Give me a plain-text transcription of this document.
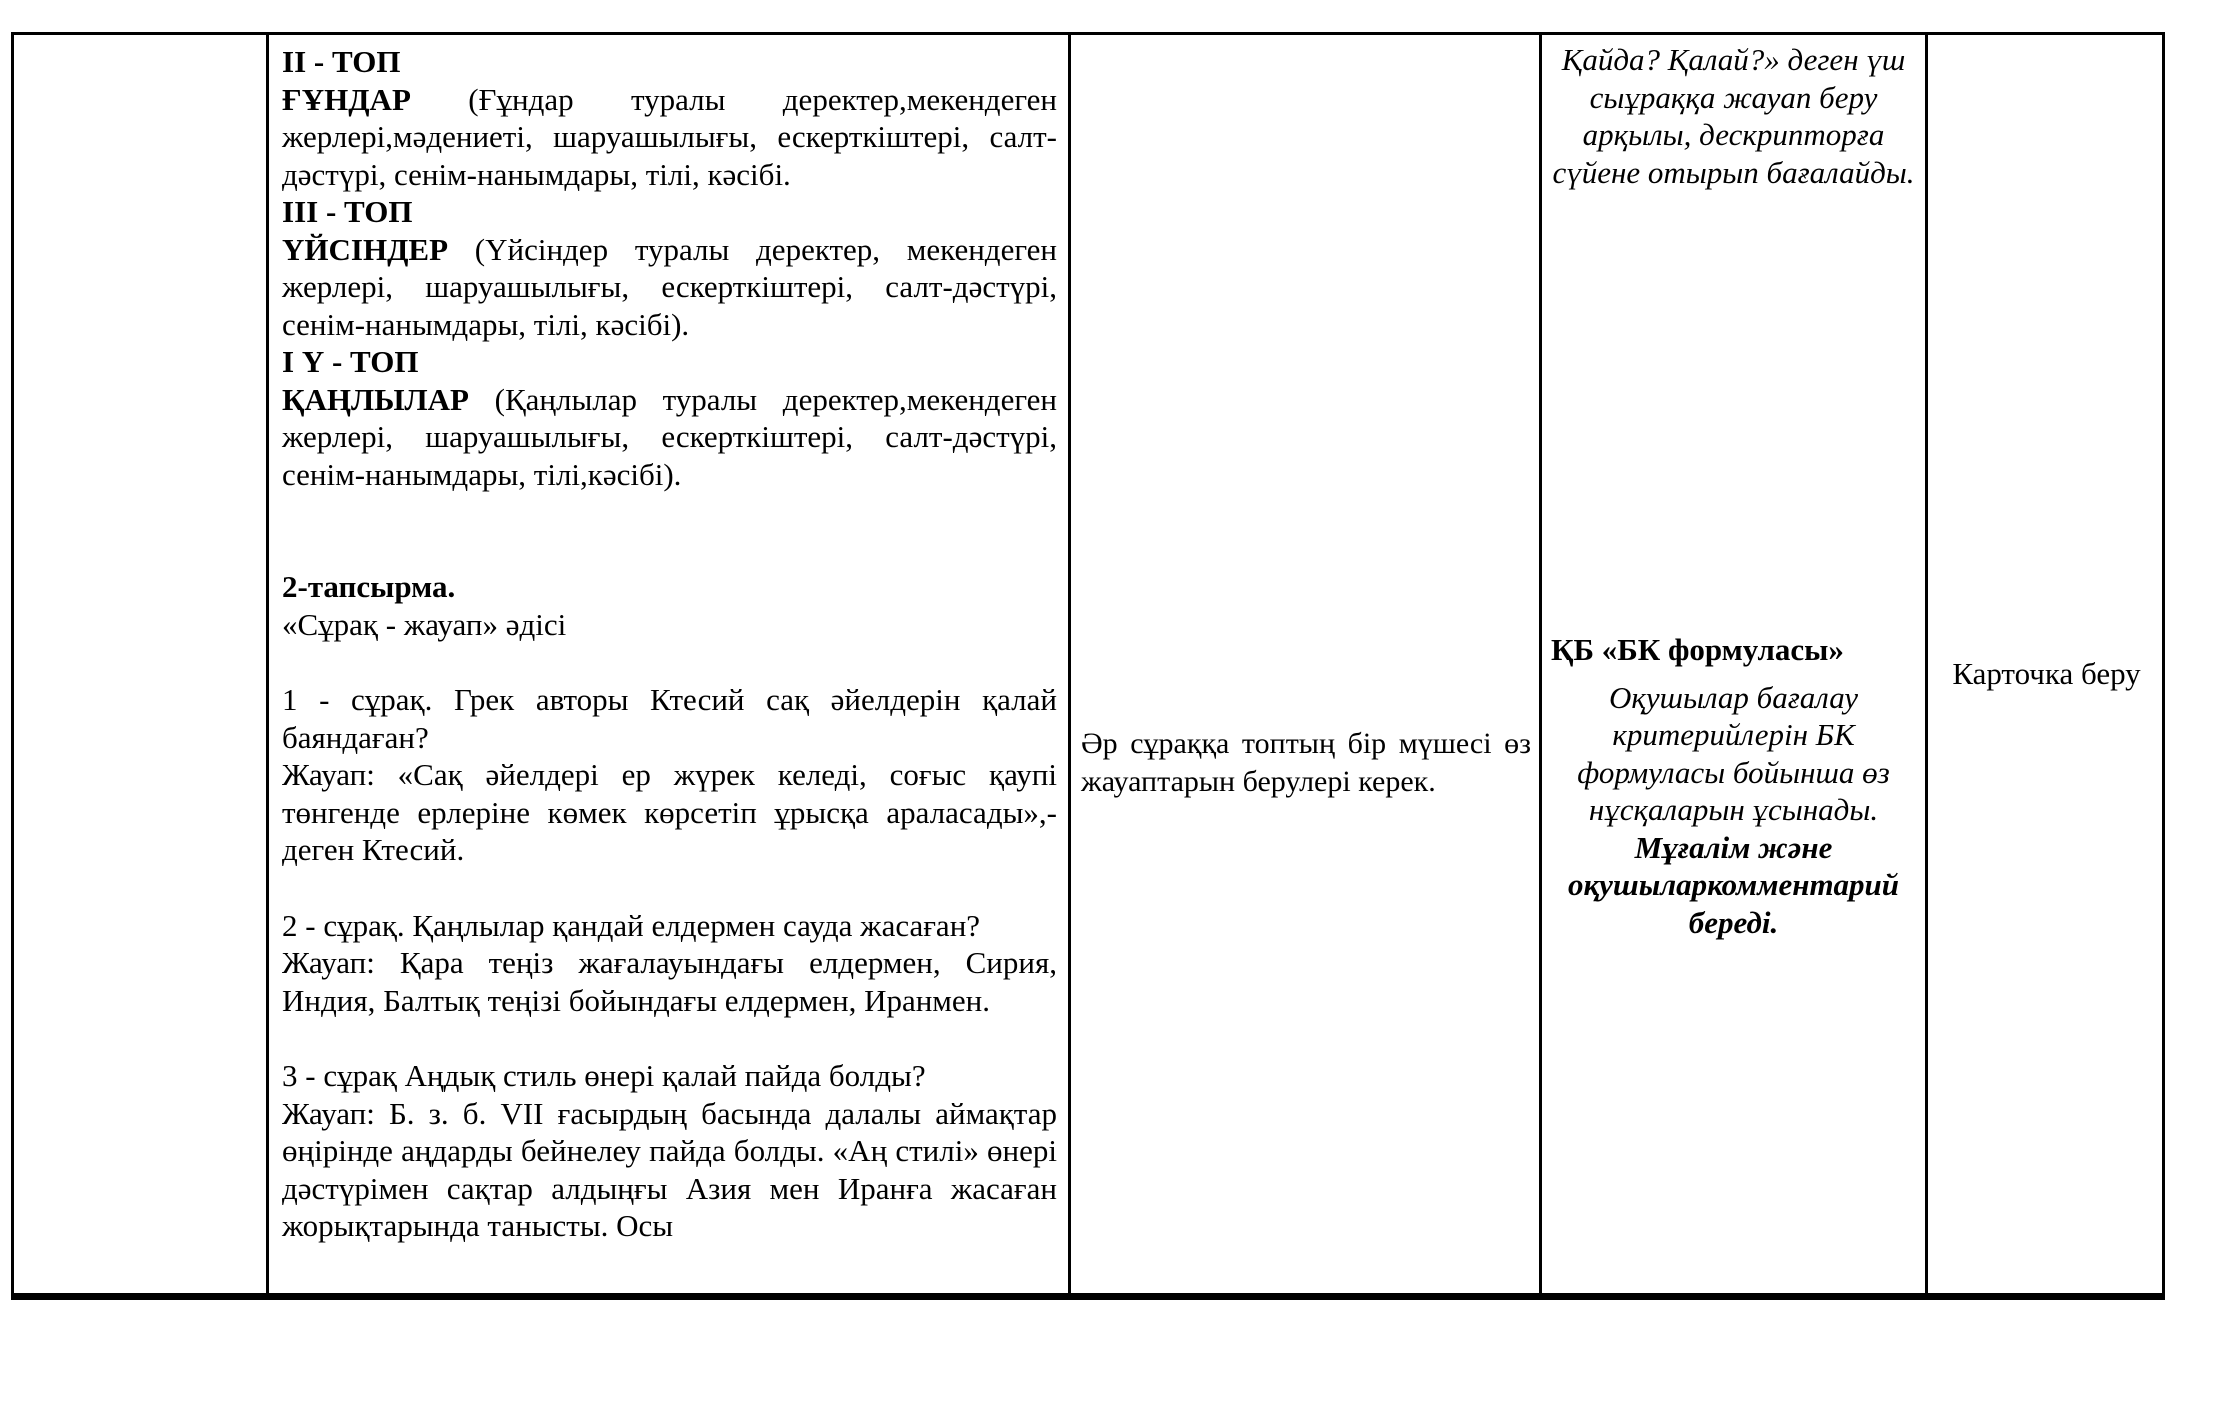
II - ТОП

ҒҰНДАР (Ғұндар туралы деректер,мекендеген жерлері,мәдениеті, шаруашылығы, ескерткіштері, салт-дәстүрі, сенім-нанымдары, тілі, кәсібі.

III - ТОП

ҮЙСІНДЕР (Үйсіндер туралы деректер, мекендеген жерлері, шаруашылығы, ескерткіштері, салт-дәстүрі, сенім-нанымдары, тілі, кәсібі).

І Ү - ТОП

ҚАҢЛЫЛАР (Қаңлылар туралы деректер,мекендеген жерлері, шаруашылығы, ескерткіштері, салт-дәстүрі, сенім-нанымдары, тілі,кәсібі).

2-тапсырма.

«Сұрақ - жауап» әдісі

1 - сұрақ. Грек авторы Ктесий сақ әйелдерін қалай баяндаған?

Жауап: «Сақ әйелдері ер жүрек келеді, соғыс қаупі төнгенде ерлеріне көмек көрсетіп ұрысқа араласады»,- деген Ктесий.

2 - сұрақ. Қаңлылар қандай елдермен сауда жасаған?

Жауап: Қара теңіз жағалауындағы елдермен, Сирия, Индия, Балтық теңізі бойындағы елдермен, Иранмен.

3 - сұрақ Аңдық стиль өнері қалай пайда болды?

Жауап: Б. з. б. VII ғасырдың басында далалы аймақтар өңірінде аңдарды бейнелеу пайда болды. «Аң стилі» өнері дәстүрімен сақтар алдыңғы Азия мен Иранға жасаған жорықтарында танысты. Осы

Әр сұраққа топтың бір мүшесі өз жауаптарын берулері керек.

Қайда? Қалай?» деген үш сыұраққа жауап беру арқылы, дескрипторға сүйене отырып бағалайды.

ҚБ «БК формуласы»

Оқушылар бағалау критерийлерін БК формуласы бойынша өз нұсқаларын ұсынады.

Мұғалім және оқушыларкомментарий береді.

Карточка беру
